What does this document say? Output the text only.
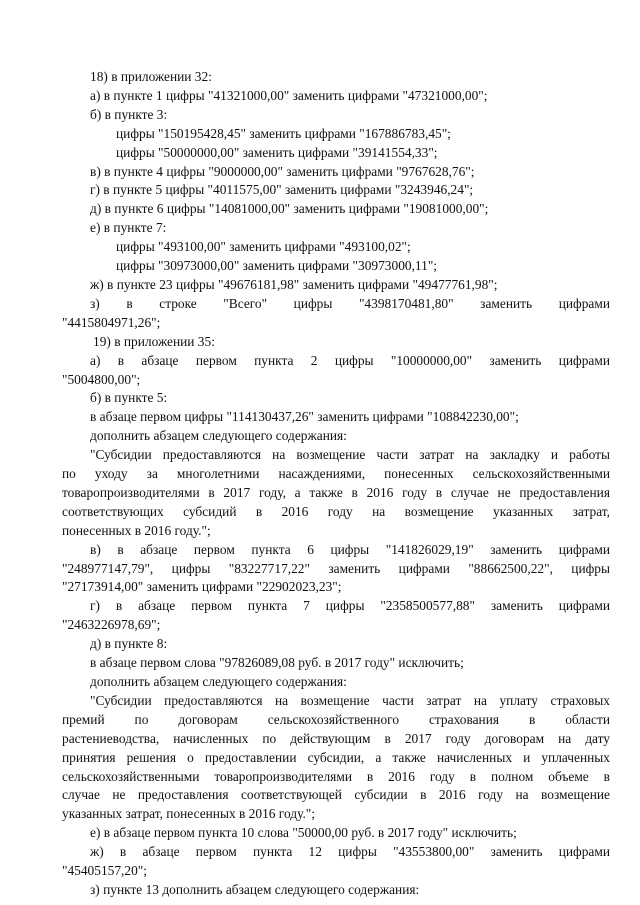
18) в приложении 32:
а) в пункте 1 цифры "41321000,00" заменить цифрами "47321000,00";
б) в пункте 3:
цифры "150195428,45" заменить цифрами "167886783,45";
цифры "50000000,00" заменить цифрами "39141554,33";
в) в пункте 4 цифры "9000000,00" заменить цифрами "9767628,76";
г) в пункте 5 цифры "4011575,00" заменить цифрами "3243946,24";
д) в пункте 6 цифры "14081000,00" заменить цифрами "19081000,00";
е) в пункте 7:
цифры "493100,00" заменить цифрами "493100,02";
цифры "30973000,00" заменить цифрами "30973000,11";
ж) в пункте 23 цифры "49676181,98" заменить цифрами "49477761,98";
з) в строке "Всего" цифры "4398170481,80" заменить цифрами
"4415804971,26";
19) в приложении 35:
а) в абзаце первом пункта 2 цифры "10000000,00" заменить цифрами
"5004800,00";
б) в пункте 5:
в абзаце первом цифры "114130437,26" заменить цифрами "108842230,00";
дополнить абзацем следующего содержания:
"Субсидии предоставляются на возмещение части затрат на закладку и работы
по уходу за многолетними насаждениями, понесенных сельскохозяйственными
товаропроизводителями в 2017 году, а также в 2016 году в случае не предоставления
соответствующих субсидий в 2016 году на возмещение указанных затрат,
понесенных в 2016 году.";
в) в абзаце первом пункта 6 цифры "141826029,19" заменить цифрами
"248977147,79", цифры "83227717,22" заменить цифрами "88662500,22", цифры
"27173914,00" заменить цифрами "22902023,23";
г) в абзаце первом пункта 7 цифры "2358500577,88" заменить цифрами
"2463226978,69";
д) в пункте 8:
в абзаце первом слова "97826089,08 руб. в 2017 году" исключить;
дополнить абзацем следующего содержания:
"Субсидии предоставляются на возмещение части затрат на уплату страховых
премий по договорам сельскохозяйственного страхования в области
растениеводства, начисленных по действующим в 2017 году договорам на дату
принятия решения о предоставлении субсидии, а также начисленных и уплаченных
сельскохозяйственными товаропроизводителями в 2016 году в полном объеме в
случае не предоставления соответствующей субсидии в 2016 году на возмещение
указанных затрат, понесенных в 2016 году.";
е) в абзаце первом пункта 10 слова "50000,00 руб. в 2017 году" исключить;
ж) в абзаце первом пункта 12 цифры "43553800,00" заменить цифрами
"45405157,20";
з) пункте 13 дополнить абзацем следующего содержания:
